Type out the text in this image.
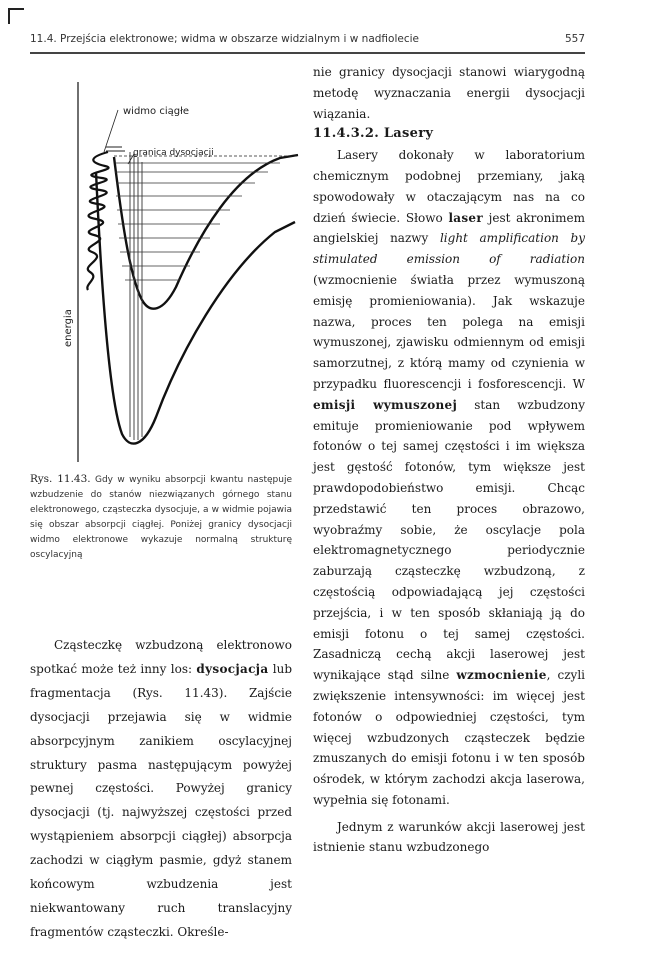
11.4. Przejścia elektronowe; widma w obszarze widzialnym i w nadfiolecie	557
widmo ciągłe
granica dysocjacji
energia
Rys. 11.43. Gdy w wyniku absorpcji kwantu następuje wzbudzenie do stanów niezwiązanych górnego stanu elektronowego, cząsteczka dysocjuje, a w widmie pojawia się obszar absorpcji ciągłej. Poniżej granicy dysocjacji widmo elektronowe wykazuje normalną strukturę oscylacyjną

Cząsteczkę wzbudzoną elektronowo spotkać może też inny los: dysocjacja lub fragmentacja (Rys. 11.43). Zajście dysocjacji przejawia się w widmie absorpcyjnym zanikiem oscylacyjnej struktury pasma następującym powyżej pewnej częstości. Powyżej granicy dysocjacji (tj. najwyższej częstości przed wystąpieniem absorpcji ciągłej) absorpcja zachodzi w ciągłym pasmie, gdyż stanem końcowym wzbudzenia jest niekwantowany ruch translacyjny fragmentów cząsteczki. Określe-

nie granicy dysocjacji stanowi wiarygodną metodę wyznaczania energii dysocjacji wiązania.

11.4.3.2. Lasery

Lasery dokonały w laboratorium chemicznym podobnej przemiany, jaką spowodowały w otaczającym nas na co dzień świecie. Słowo laser jest akronimem angielskiej nazwy light amplification by stimulated emission of radiation (wzmocnienie światła przez wymuszoną emisję promieniowania). Jak wskazuje nazwa, proces ten polega na emisji wymuszonej, zjawisku odmiennym od emisji samorzutnej, z którą mamy od czynienia w przypadku fluorescencji i fosforescencji. W emisji wymuszonej stan wzbudzony emituje promieniowanie pod wpływem fotonów o tej samej częstości i im większa jest gęstość fotonów, tym większe jest prawdopodobieństwo emisji. Chcąc przedstawić ten proces obrazowo, wyobraźmy sobie, że oscylacje pola elektromagnetycznego periodycznie zaburzają cząsteczkę wzbudzoną, z częstością odpowiadającą jej częstości przejścia, i w ten sposób skłaniają ją do emisji fotonu o tej samej częstości. Zasadniczą cechą akcji laserowej jest wynikające stąd silne wzmocnienie, czyli zwiększenie intensywności: im więcej jest fotonów o odpowiedniej częstości, tym więcej wzbudzonych cząsteczek będzie zmuszanych do emisji fotonu i w ten sposób ośrodek, w którym zachodzi akcja laserowa, wypełnia się fotonami.

Jednym z warunków akcji laserowej jest istnienie stanu wzbudzonego
